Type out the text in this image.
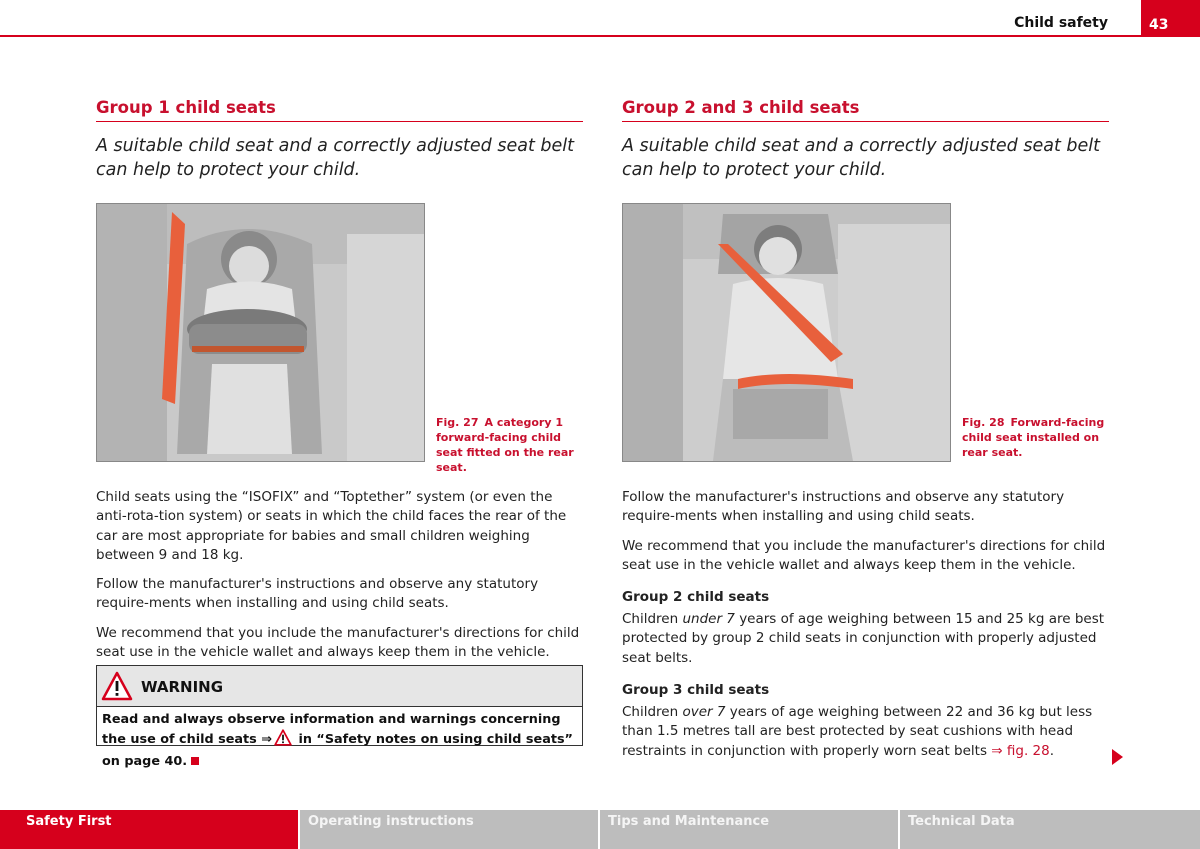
Child safety	43
Group 1 child seats

A suitable child seat and a correctly adjusted seat belt can help to protect your child.

Fig. 27 A category 1 forward-facing child seat fitted on the rear seat.

Child seats using the “ISOFIX” and “Toptether” system (or even the anti-rota-tion system) or seats in which the child faces the rear of the car are most appropriate for babies and small children weighing between 9 and 18 kg.

Follow the manufacturer's instructions and observe any statutory require-ments when installing and using child seats.

We recommend that you include the manufacturer's directions for child seat use in the vehicle wallet and always keep them in the vehicle.

WARNING
Read and always observe information and warnings concerning the use of child seats ⇒ in “Safety notes on using child seats” on page 40.
Group 2 and 3 child seats

A suitable child seat and a correctly adjusted seat belt can help to protect your child.

Fig. 28 Forward-facing child seat installed on rear seat.

Follow the manufacturer's instructions and observe any statutory require-ments when installing and using child seats.

We recommend that you include the manufacturer's directions for child seat use in the vehicle wallet and always keep them in the vehicle.

Group 2 child seats

Children under 7 years of age weighing between 15 and 25 kg are best protected by group 2 child seats in conjunction with properly adjusted seat belts.

Group 3 child seats

Children over 7 years of age weighing between 22 and 36 kg but less than 1.5 metres tall are best protected by seat cushions with head restraints in conjunction with properly worn seat belts ⇒ fig. 28.

Safety First	Operating instructions	Tips and Maintenance	Technical Data
